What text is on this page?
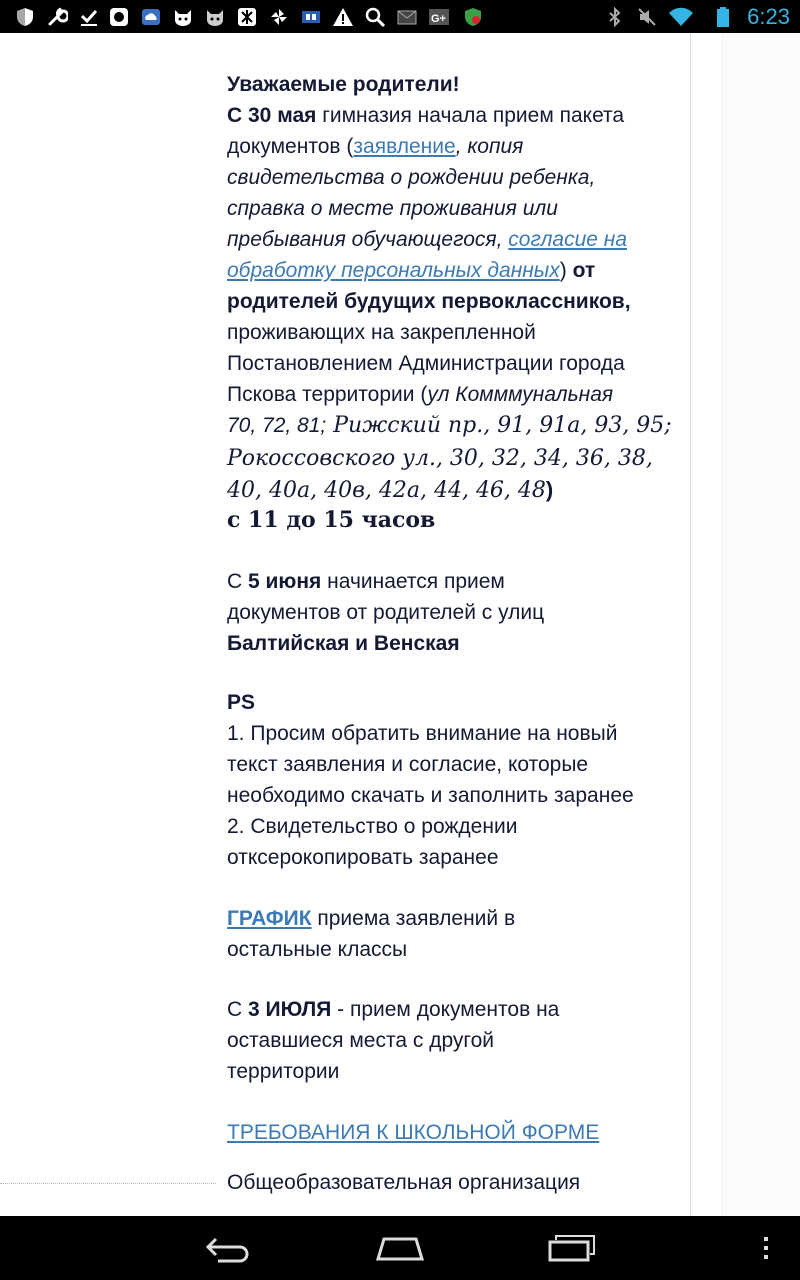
G+	6:23
Уважаемые родители!
С 30 мая гимназия начала прием пакета
документов (заявление, копия
свидетельства о рождении ребенка,
справка о месте проживания или
пребывания обучающегося, согласие на
обработку персональных данных) от
родителей будущих первоклассников,
проживающих на закрепленной
Постановлением Администрации города
Пскова территории (ул Комммунальная
70, 72, 81; Рижский пр., 91, 91а, 93, 95;
Рокоссовского ул., 30, 32, 34, 36, 38,
40, 40а, 40в, 42а, 44, 46, 48)
с 11 до 15 часов
С 5 июня начинается прием
документов от родителей с улиц
Балтийская и Венская
PS
1. Просим обратить внимание на новый
текст заявления и согласие, которые
необходимо скачать и заполнить заранее
2. Свидетельство о рождении
отксерокопировать заранее
ГРАФИК приема заявлений в
остальные классы
С 3 ИЮЛЯ - прием документов на
оставшиеся места с другой
территории
ТРЕБОВАНИЯ К ШКОЛЬНОЙ ФОРМЕ
Общеобразовательная организация
